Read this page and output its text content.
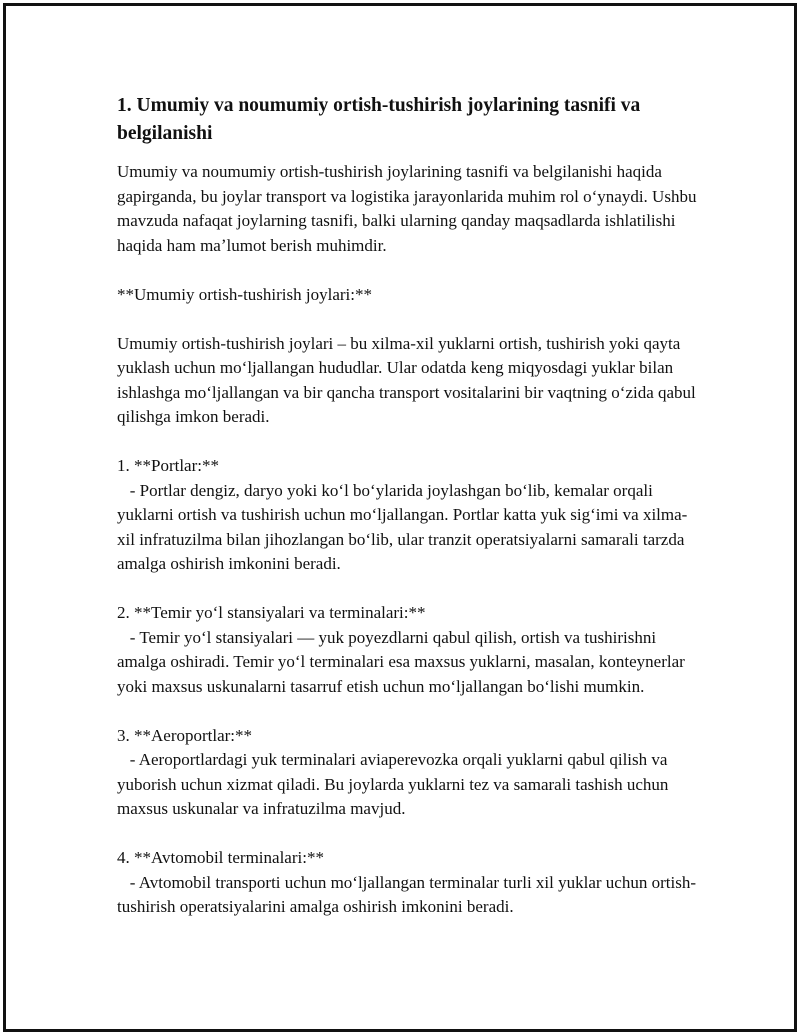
1. Umumiy va noumumiy ortish-tushirish joylarining tasnifi va belgilanishi
Umumiy va noumumiy ortish-tushirish joylarining tasnifi va belgilanishi haqida gapirganda, bu joylar transport va logistika jarayonlarida muhim rol oʻynaydi. Ushbu mavzuda nafaqat joylarning tasnifi, balki ularning qanday maqsadlarda ishlatilishi haqida ham maʼlumot berish muhimdir.
**Umumiy ortish-tushirish joylari:**
Umumiy ortish-tushirish joylari – bu xilma-xil yuklarni ortish, tushirish yoki qayta yuklash uchun moʻljallangan hududlar. Ular odatda keng miqyosdagi yuklar bilan ishlashga moʻljallangan va bir qancha transport vositalarini bir vaqtning oʻzida qabul qilishga imkon beradi.
1. **Portlar:**
- Portlar dengiz, daryo yoki koʻl boʻylarida joylashgan boʻlib, kemalar orqali yuklarni ortish va tushirish uchun moʻljallangan. Portlar katta yuk sigʻimi va xilma-xil infratuzilma bilan jihozlangan boʻlib, ular tranzit operatsiyalarni samarali tarzda amalga oshirish imkonini beradi.
2. **Temir yoʻl stansiyalari va terminalari:**
- Temir yoʻl stansiyalari — yuk poyezdlarni qabul qilish, ortish va tushirishni amalga oshiradi. Temir yoʻl terminalari esa maxsus yuklarni, masalan, konteynerlar yoki maxsus uskunalarni tasarruf etish uchun moʻljallangan boʻlishi mumkin.
3. **Aeroportlar:**
- Aeroportlardagi yuk terminalari aviaperevozka orqali yuklarni qabul qilish va yuborish uchun xizmat qiladi. Bu joylarda yuklarni tez va samarali tashish uchun maxsus uskunalar va infratuzilma mavjud.
4. **Avtomobil terminalari:**
- Avtomobil transporti uchun moʻljallangan terminalar turli xil yuklar uchun ortish-tushirish operatsiyalarini amalga oshirish imkonini beradi.
